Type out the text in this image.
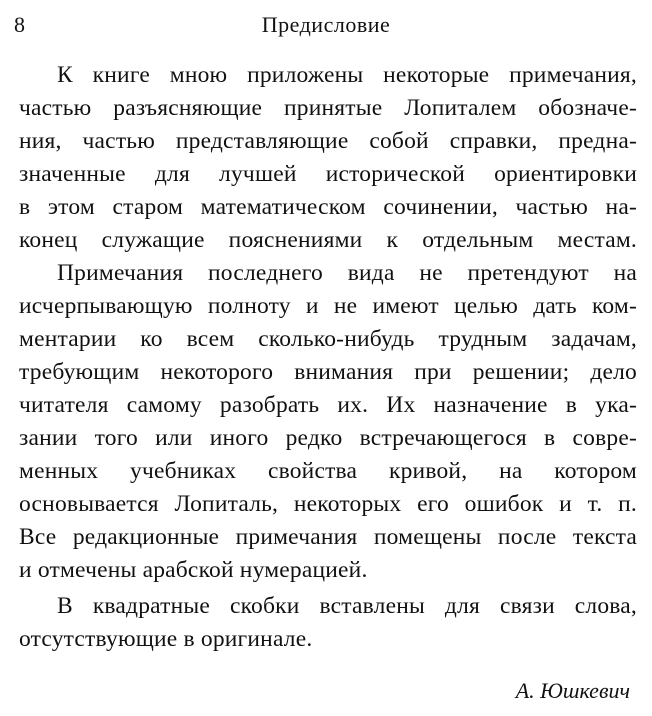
8	Предисловие
К книге мною приложены некоторые примечания,
частью разъясняющие принятые Лопиталем обозначе-
ния, частью представляющие собой справки, предна-
значенные для лучшей исторической ориентировки
в этом старом математическом сочинении, частью на-
конец служащие пояснениями к отдельным местам.
Примечания последнего вида не претендуют на
исчерпывающую полноту и не имеют целью дать ком-
ментарии ко всем сколько-нибудь трудным задачам,
требующим некоторого внимания при решении; дело
читателя самому разобрать их. Их назначение в ука-
зании того или иного редко встречающегося в совре-
менных учебниках свойства кривой, на котором
основывается Лопиталь, некоторых его ошибок и т. п.
Все редакционные примечания помещены после текста
и отмечены арабской нумерацией.
В квадратные скобки вставлены для связи слова,
отсутствующие в оригинале.
А. Юшкевич
